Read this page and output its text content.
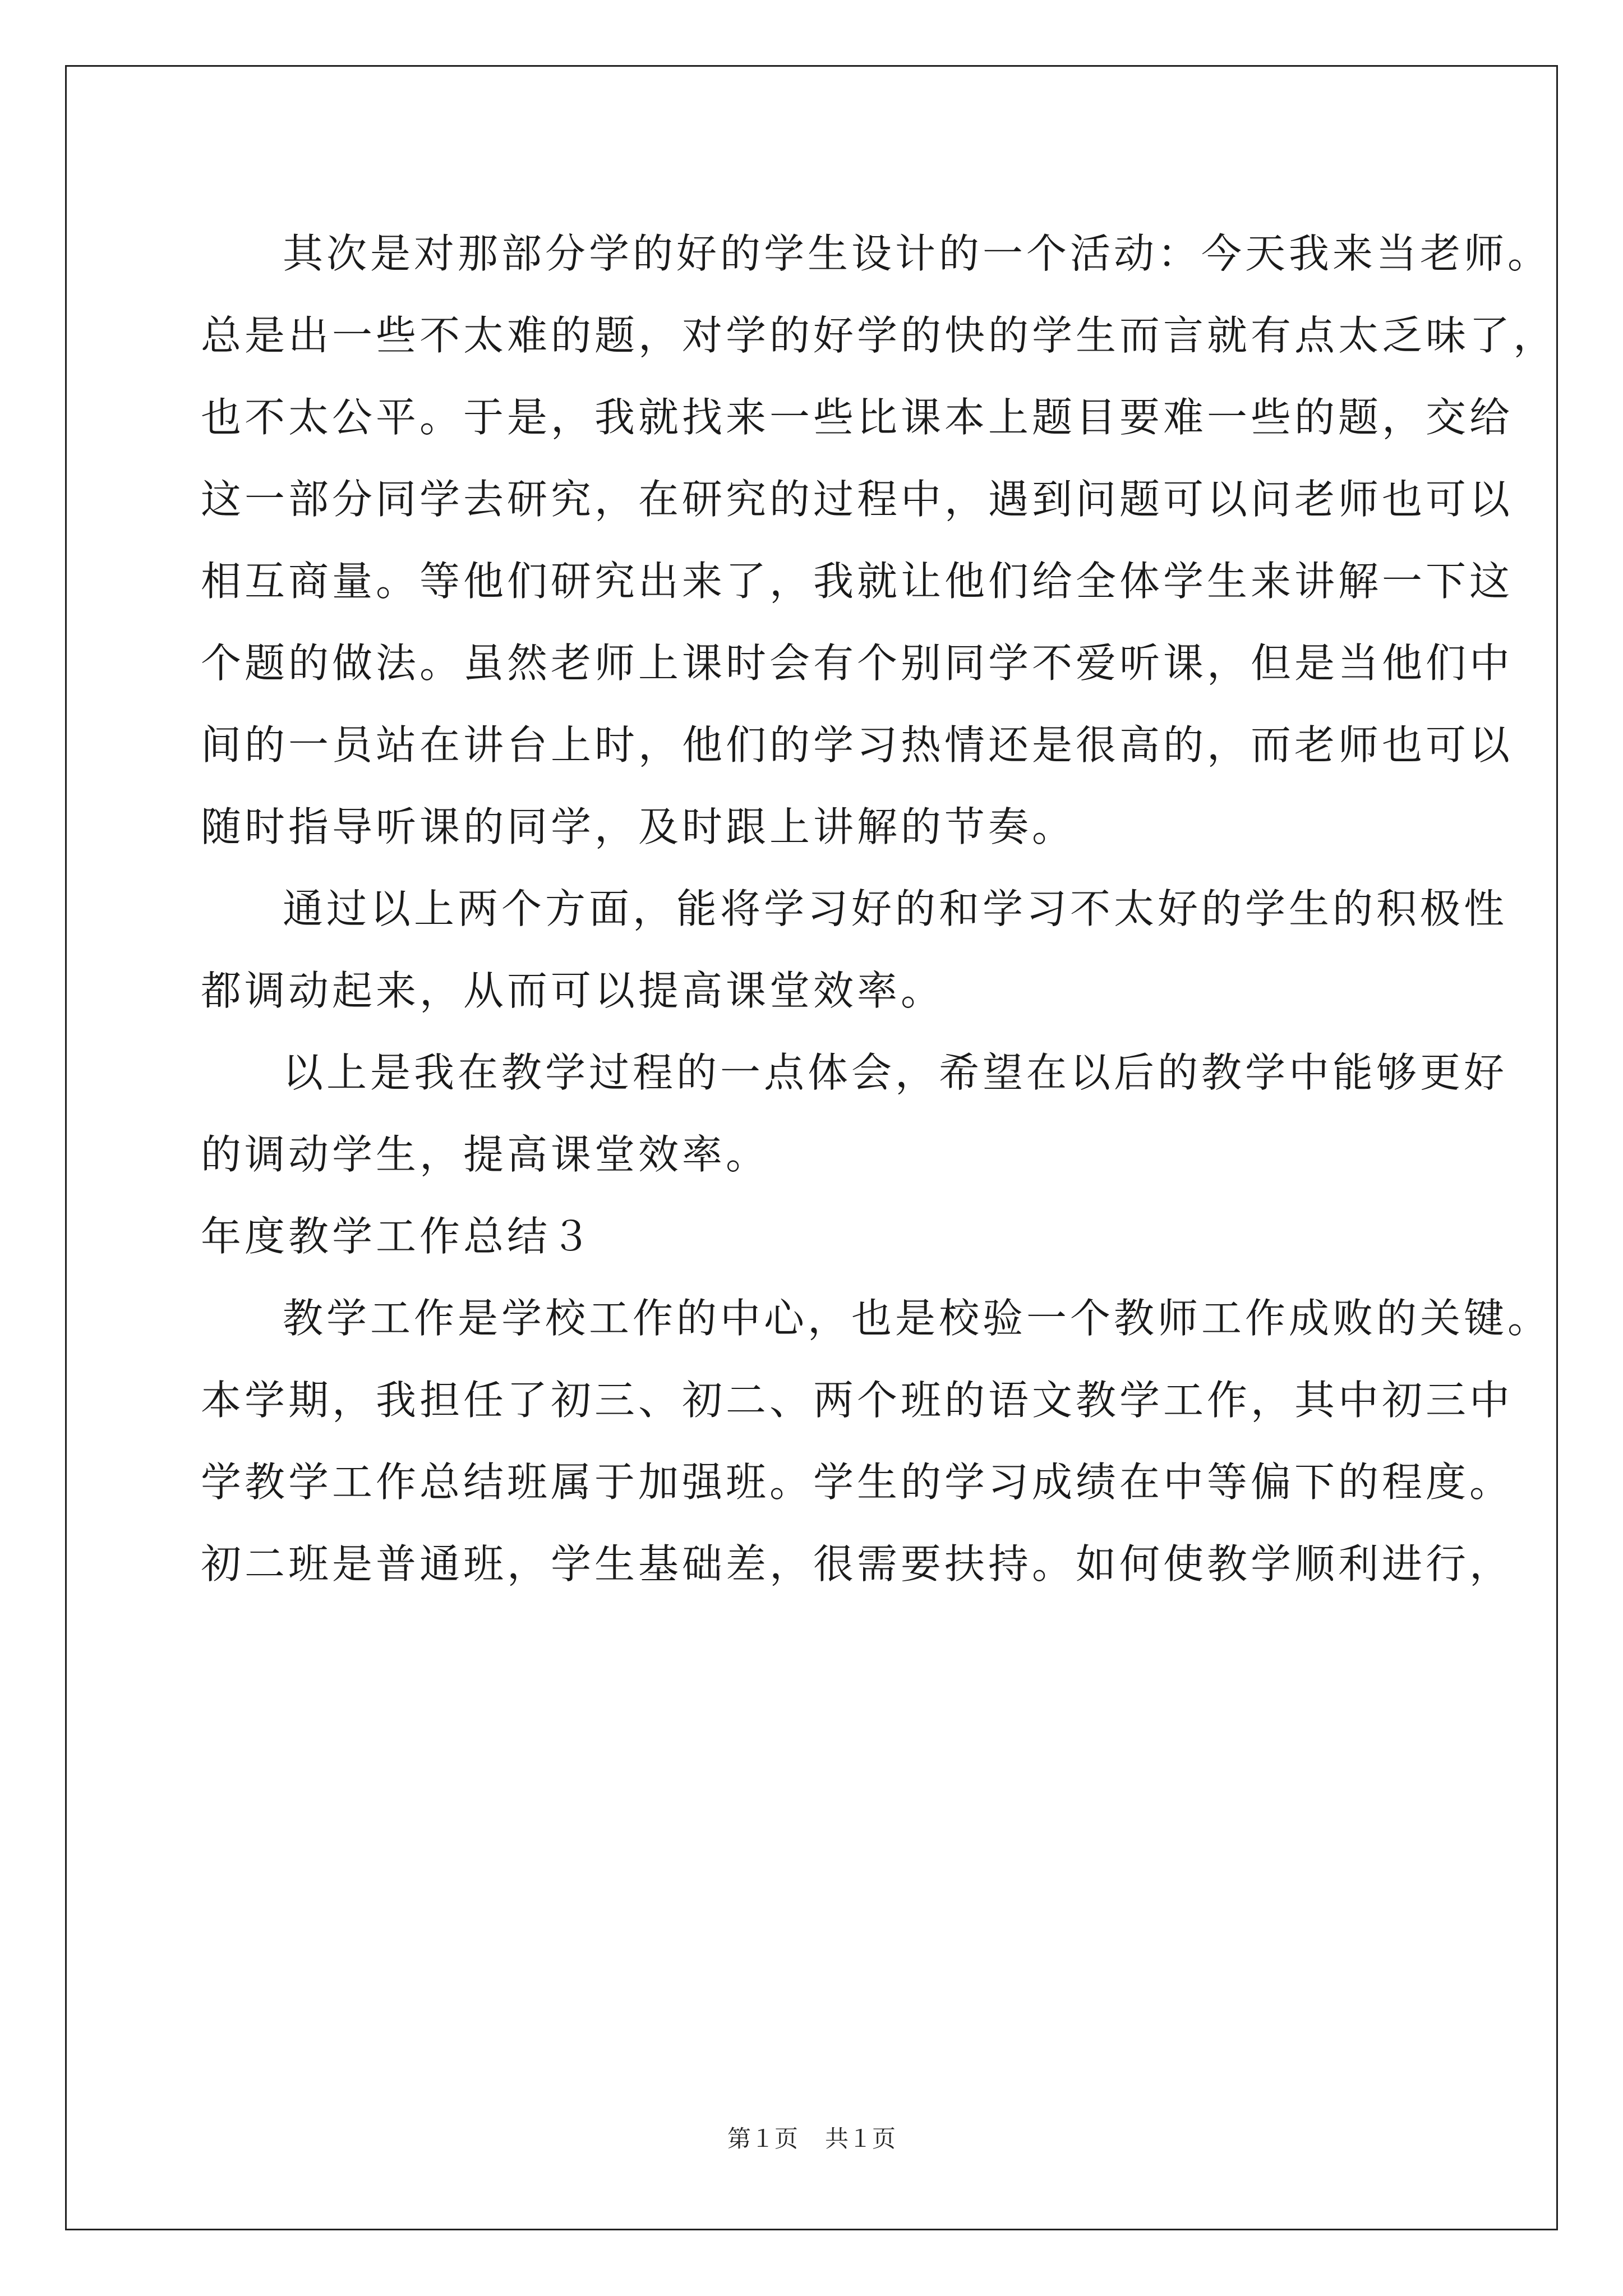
其次是对那部分学的好的学生设计的一个活动：今天我来当老师。

总是出一些不太难的题，对学的好学的快的学生而言就有点太乏味了，

也不太公平。于是，我就找来一些比课本上题目要难一些的题，交给

这一部分同学去研究，在研究的过程中，遇到问题可以问老师也可以

相互商量。等他们研究出来了，我就让他们给全体学生来讲解一下这

个题的做法。虽然老师上课时会有个别同学不爱听课，但是当他们中

间的一员站在讲台上时，他们的学习热情还是很高的，而老师也可以

随时指导听课的同学，及时跟上讲解的节奏。

通过以上两个方面，能将学习好的和学习不太好的学生的积极性

都调动起来，从而可以提高课堂效率。

以上是我在教学过程的一点体会，希望在以后的教学中能够更好

的调动学生，提高课堂效率。

年度教学工作总结３

教学工作是学校工作的中心，也是校验一个教师工作成败的关键。

本学期，我担任了初三、初二、两个班的语文教学工作，其中初三中

学教学工作总结班属于加强班。学生的学习成绩在中等偏下的程度。

初二班是普通班，学生基础差，很需要扶持。如何使教学顺利进行，

第１页 共１页
